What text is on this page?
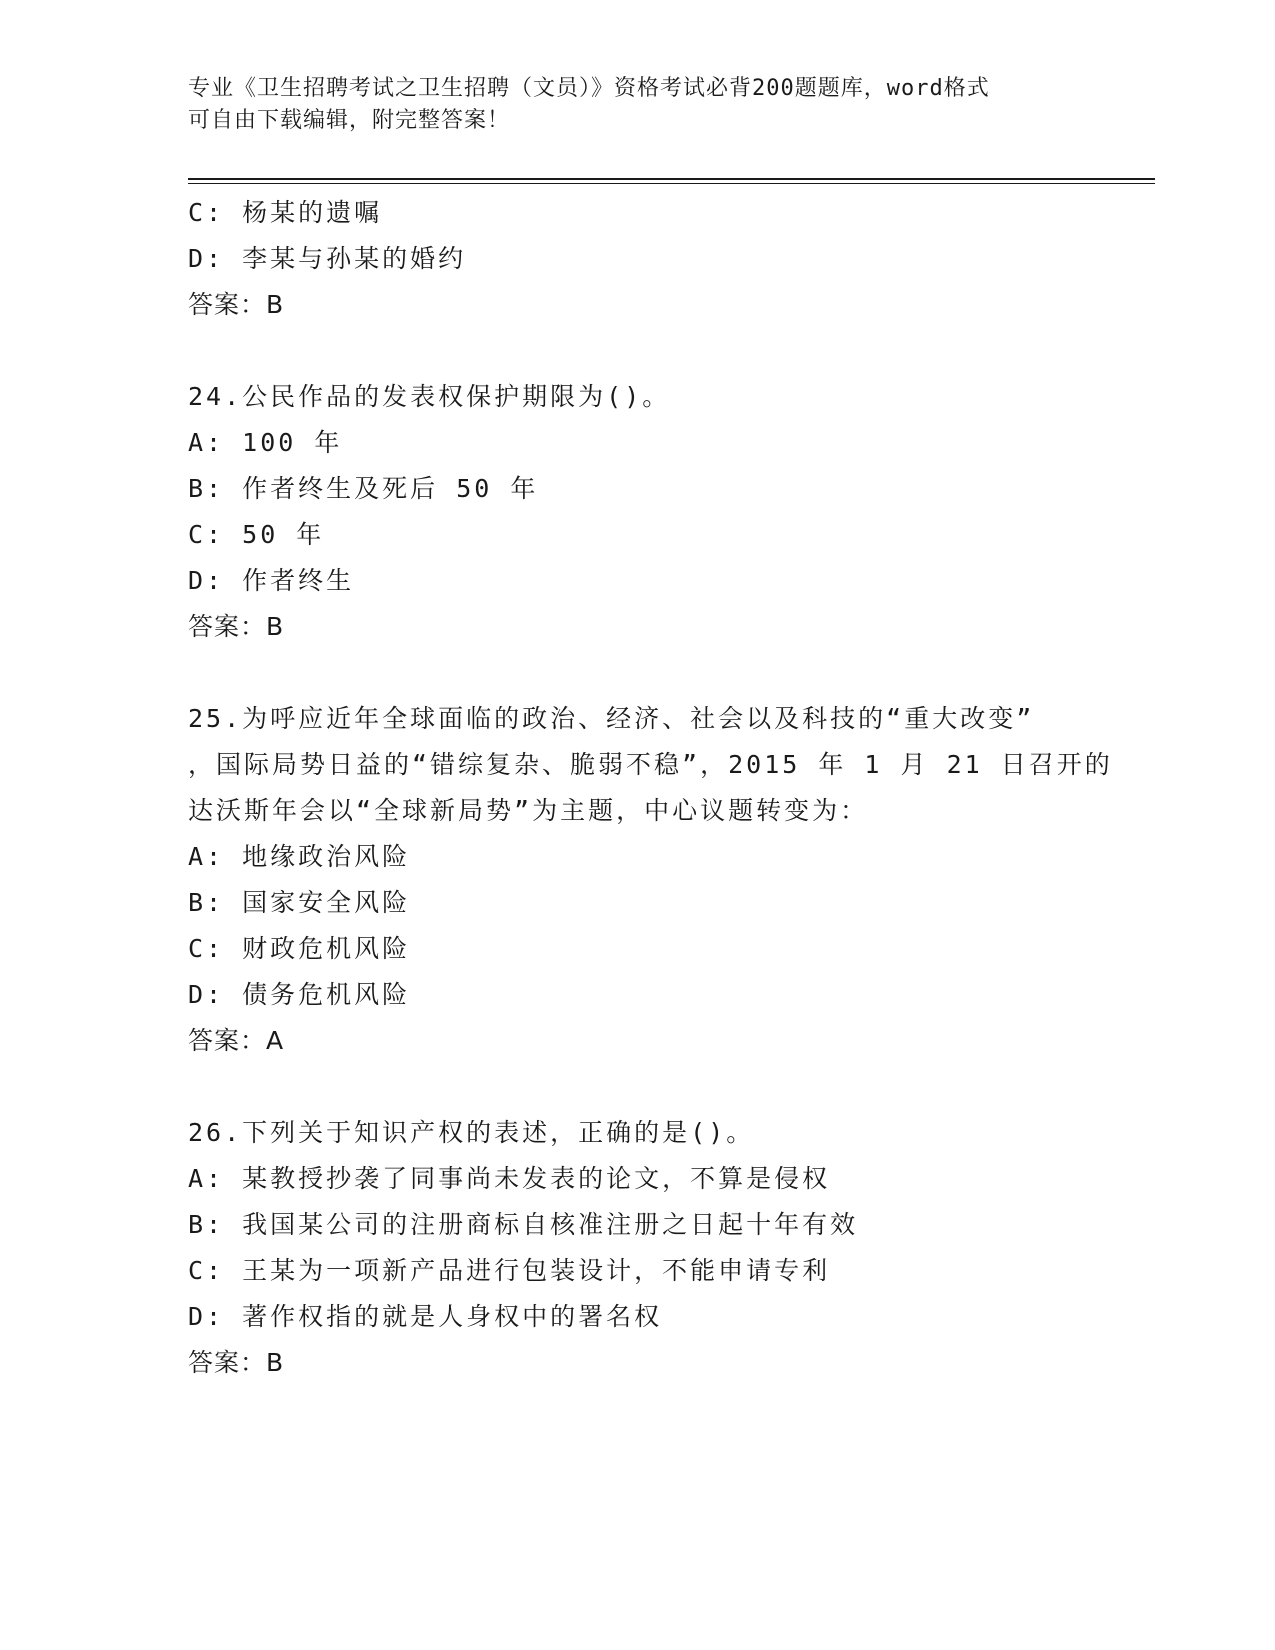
专业《卫生招聘考试之卫生招聘（文员）》资格考试必背200题题库，word格式
可自由下载编辑，附完整答案！
C: 杨某的遗嘱
D: 李某与孙某的婚约
答案：B
24.公民作品的发表权保护期限为()。
A: 100 年
B: 作者终生及死后 50 年
C: 50 年
D: 作者终生
答案：B
25.为呼应近年全球面临的政治、经济、社会以及科技的“重大改变”
，国际局势日益的“错综复杂、脆弱不稳”，2015 年 1 月 21 日召开的
达沃斯年会以“全球新局势”为主题，中心议题转变为：
A: 地缘政治风险
B: 国家安全风险
C: 财政危机风险
D: 债务危机风险
答案：A
26.下列关于知识产权的表述，正确的是()。
A: 某教授抄袭了同事尚未发表的论文，不算是侵权
B: 我国某公司的注册商标自核准注册之日起十年有效
C: 王某为一项新产品进行包装设计，不能申请专利
D: 著作权指的就是人身权中的署名权
答案：B
